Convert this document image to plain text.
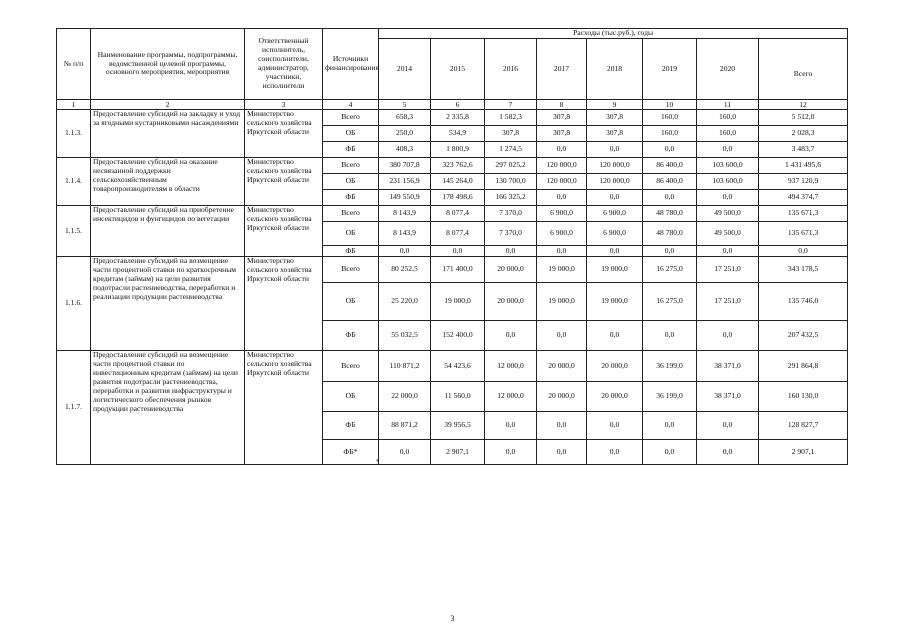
№ п/п	Наименование программы, подпрограммы, ведомственной целевой программы, основного мероприятия, мероприятия	Ответственный исполнитель, соисполнители, администратор, участники, исполнители	Источники финансирования	Расходы (тыс.руб.), годы							
				2014	2015	2016	2017	2018	2019	2020	Всего
1	2	3	4	5	6	7	8	9	10	11	12
1.1.3.	Предоставление субсидий на закладку и уход за ягодными кустарниковыми насаждениями	Министерство сельского хозяйства Иркутской области	Всего	658,3	2 335,8	1 582,3	307,8	307,8	160,0	160,0	5 512,0
			ОБ	250,0	534,9	307,8	307,8	307,8	160,0	160,0	2 028,3
			ФБ	408,3	1 800,9	1 274,5	0,0	0,0	0,0	0,0	3 483,7
1.1.4.	Предоставление субсидий на оказание несвязанной поддержки сельскохозяйственным товаропроизводителям в области	Министерство сельского хозяйства Иркутской области	Всего	380 707,8	323 762,6	297 025,2	120 000,0	120 000,0	86 400,0	103 600,0	1 431 495,6
			ОБ	231 156,9	145 264,0	130 700,0	120 000,0	120 000,0	86 400,0	103 600,0	937 120,9
			ФБ	149 550,9	178 498,6	166 325,2	0,0	0,0	0,0	0,0	494 374,7
1.1.5.	Предоставление субсидий на приобретение инсектицидов и фунгицидов по вегетации	Министерство сельского хозяйства Иркутской области	Всего	8 143,9	8 077,4	7 370,0	6 900,0	6 900,0	48 780,0	49 500,0	135 671,3
			ОБ	8 143,9	8 077,4	7 370,0	6 900,0	6 900,0	48 780,0	49 500,0	135 671,3
			ФБ	0,0	0,0	0,0	0,0	0,0	0,0	0,0	0,0
1.1.6.	Предоставление субсидий на возмещение части процентной ставки по краткосрочным кредитам (займам) на цели развития подотрасли растениеводства, переработки и реализации продукции растениеводства	Министерство сельского хозяйства Иркутской области	Всего	80 252,5	171 400,0	20 000,0	19 000,0	19 000,0	16 275,0	17 251,0	343 178,5
			ОБ	25 220,0	19 000,0	20 000,0	19 000,0	19 000,0	16 275,0	17 251,0	135 746,0
			ФБ	55 032,5	152 400,0	0,0	0,0	0,0	0,0	0,0	207 432,5
1.1.7.	Предоставление субсидий на возмещение части процентной ставки по инвестиционным кредитам (займам) на цели развития подотрасли растениеводства, переработки и развития инфраструктуры и логистического обеспечения рынков продукции растениеводства	Министерство сельского хозяйства Иркутской области	Всего	110 871,2	54 423,6	12 000,0	20 000,0	20 000,0	36 199,0	38 371,0	291 864,8
			ОБ	22 000,0	11 560,0	12 000,0	20 000,0	20 000,0	36 199,0	38 371,0	160 130,0
			ФБ	88 871,2	39 956,5	0,0	0,0	0,0	0,0	0,0	128 827,7
			ФБ*	0,0	2 907,1	0,0	0,0	0,0	0,0	0,0	2 907,1
*
3
